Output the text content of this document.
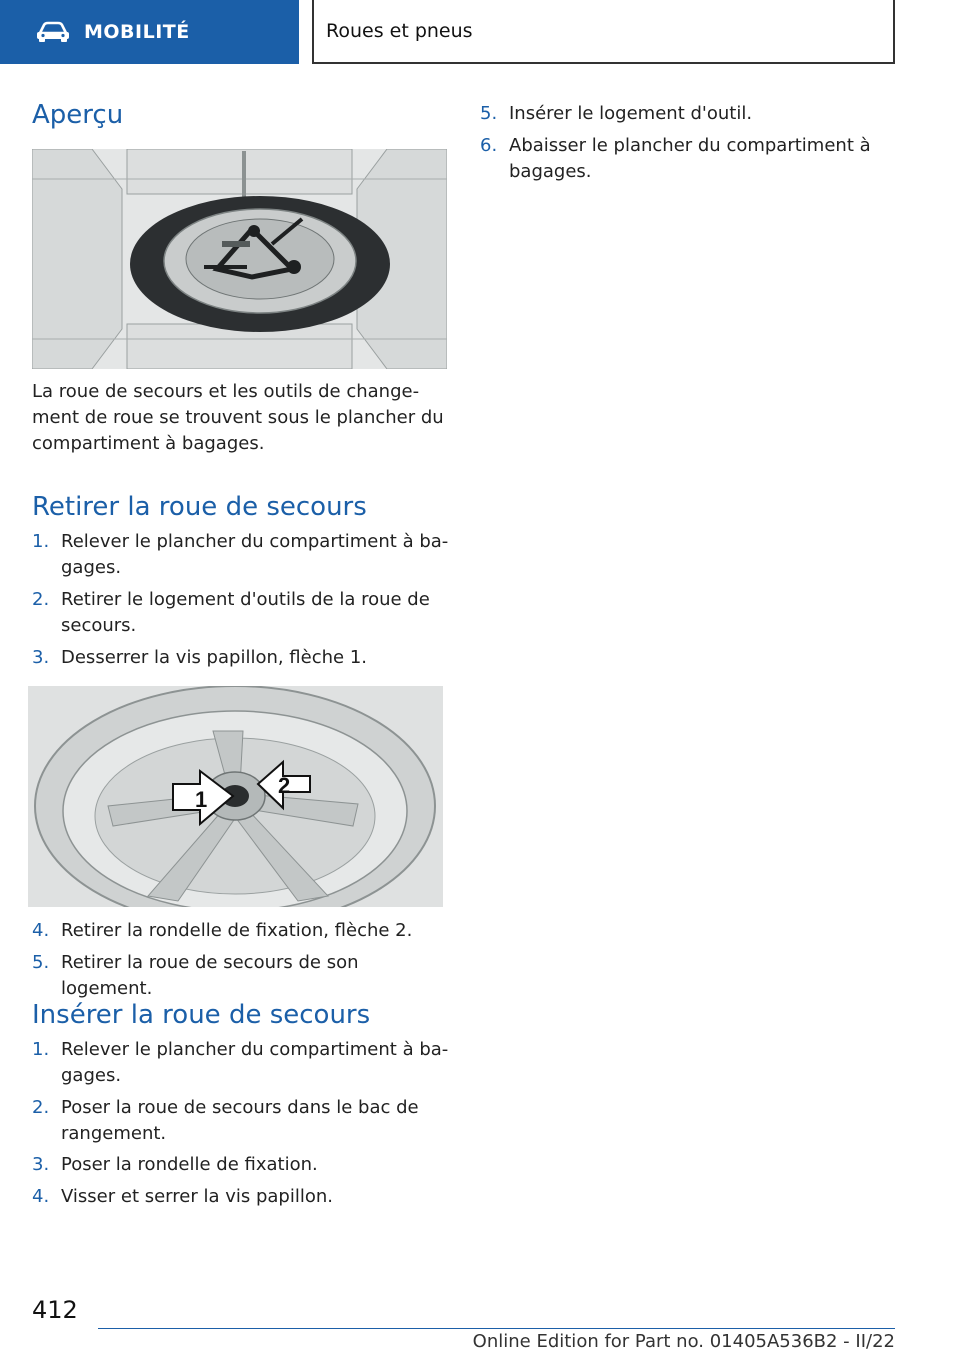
MOBILITÉ	Roues et pneus
Aperçu

La roue de secours et les outils de change-

ment de roue se trouvent sous le plancher du

compartiment à bagages.

Retirer la roue de secours
1. Relever le plancher du compartiment à ba-
gages.
2. Retirer le logement d'outils de la roue de
secours.
3. Desserrer la vis papillon, flèche 1.
1
2
4. Retirer la rondelle de fixation, flèche 2.
5. Retirer la roue de secours de son logement.
Insérer la roue de secours
1. Relever le plancher du compartiment à ba-
gages.
2. Poser la roue de secours dans le bac de
rangement.
3. Poser la rondelle de fixation.
4. Visser et serrer la vis papillon.
5. Insérer le logement d'outil.
6. Abaisser le plancher du compartiment à
bagages.
412
Online Edition for Part no. 01405A536B2 - II/22
